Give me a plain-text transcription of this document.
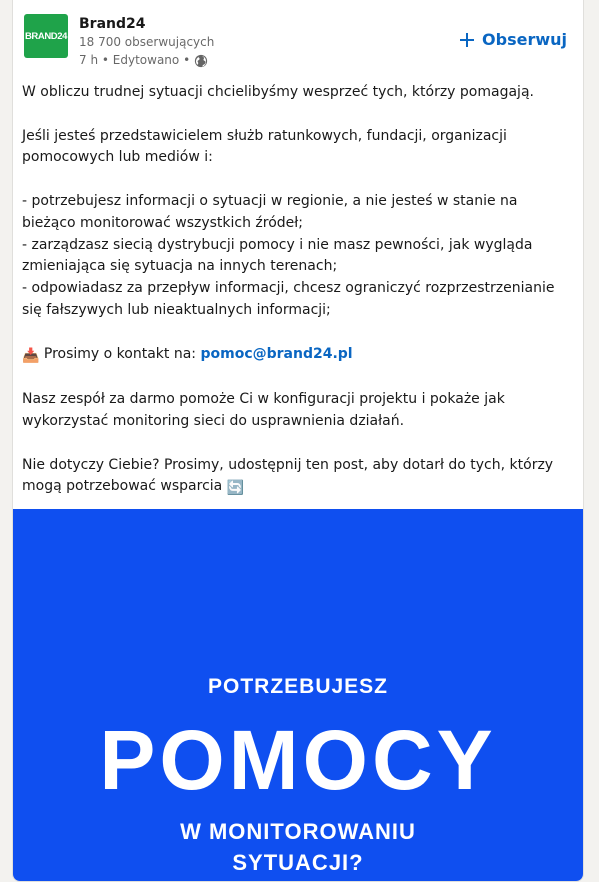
BRAND24
Brand24
18 700 obserwujących
7 h • Edytowano •
Obserwuj

W obliczu trudnej sytuacji chcielibyśmy wesprzeć tych, którzy pomagają.

Jeśli jesteś przedstawicielem służb ratunkowych, fundacji, organizacji pomocowych lub mediów i:

- potrzebujesz informacji o sytuacji w regionie, a nie jesteś w stanie na bieżąco monitorować wszystkich źródeł;

- zarządzasz siecią dystrybucji pomocy i nie masz pewności, jak wygląda zmieniająca się sytuacja na innych terenach;

- odpowiadasz za przepływ informacji, chcesz ograniczyć rozprzestrzenianie się fałszywych lub nieaktualnych informacji;

📥 Prosimy o kontakt na: pomoc@brand24.pl

Nasz zespół za darmo pomoże Ci w konfiguracji projektu i pokaże jak wykorzystać monitoring sieci do usprawnienia działań.

Nie dotyczy Ciebie? Prosimy, udostępnij ten post, aby dotarł do tych, którzy mogą potrzebować wsparcia 🔄

POTRZEBUJESZ
POMOCY
W MONITOROWANIU
SYTUACJI?
